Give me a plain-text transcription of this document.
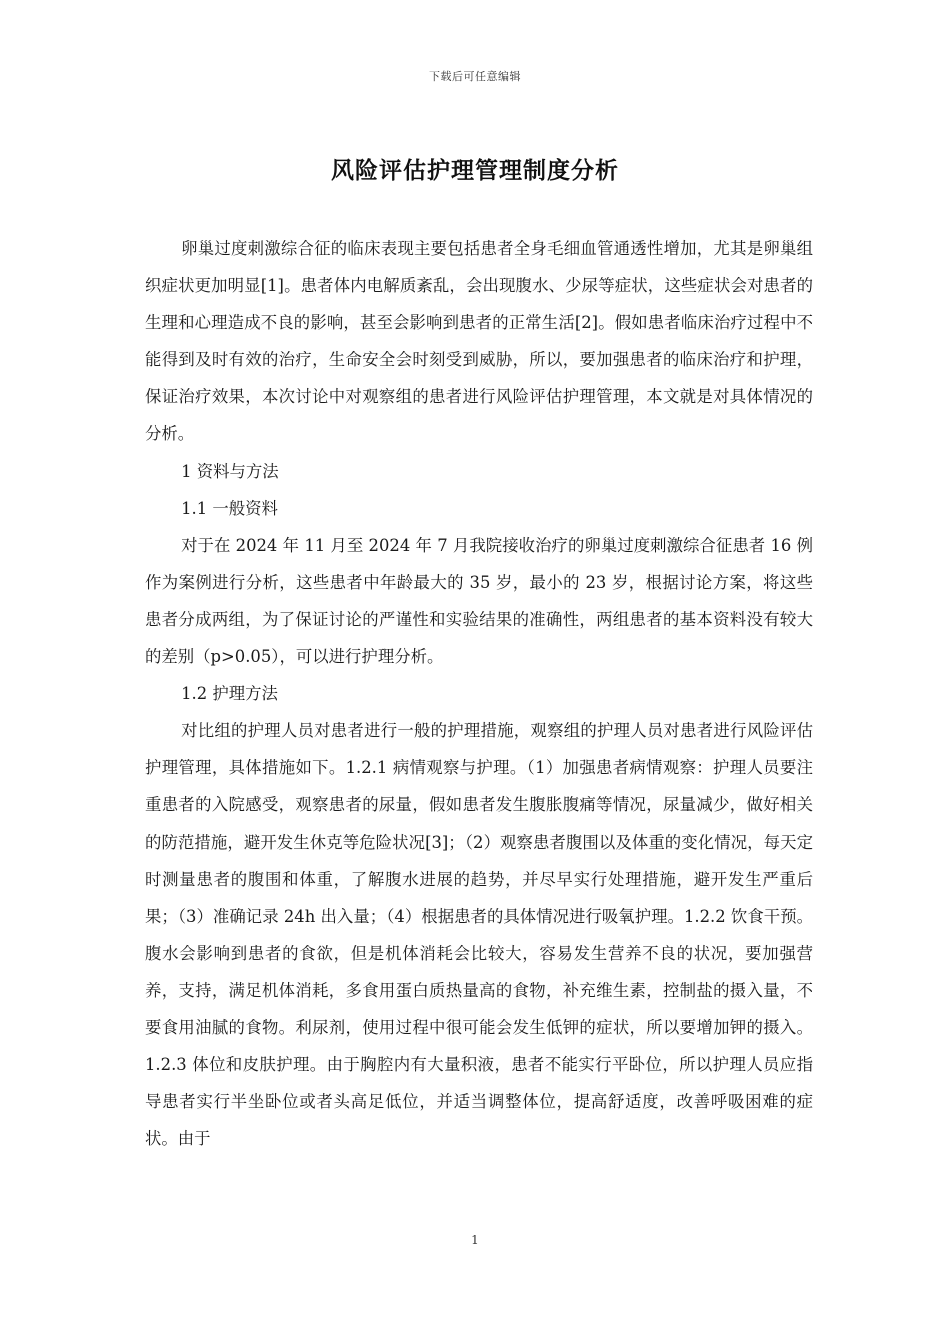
下载后可任意编辑
风险评估护理管理制度分析

卵巢过度刺激综合征的临床表现主要包括患者全身毛细血管通透性增加，尤其是卵巢组织症状更加明显[1]。患者体内电解质紊乱，会出现腹水、少尿等症状，这些症状会对患者的生理和心理造成不良的影响，甚至会影响到患者的正常生活[2]。假如患者临床治疗过程中不能得到及时有效的治疗，生命安全会时刻受到威胁，所以，要加强患者的临床治疗和护理，保证治疗效果，本次讨论中对观察组的患者进行风险评估护理管理，本文就是对具体情况的分析。

1 资料与方法

1.1 一般资料

对于在 2024 年 11 月至 2024 年 7 月我院接收治疗的卵巢过度刺激综合征患者 16 例作为案例进行分析，这些患者中年龄最大的 35 岁，最小的 23 岁，根据讨论方案，将这些患者分成两组，为了保证讨论的严谨性和实验结果的准确性，两组患者的基本资料没有较大的差别（p>0.05），可以进行护理分析。

1.2 护理方法

对比组的护理人员对患者进行一般的护理措施，观察组的护理人员对患者进行风险评估护理管理，具体措施如下。1.2.1 病情观察与护理。（1）加强患者病情观察：护理人员要注重患者的入院感受，观察患者的尿量，假如患者发生腹胀腹痛等情况，尿量减少，做好相关的防范措施，避开发生休克等危险状况[3]；（2）观察患者腹围以及体重的变化情况，每天定时测量患者的腹围和体重，了解腹水进展的趋势，并尽早实行处理措施，避开发生严重后果；（3）准确记录 24h 出入量；（4）根据患者的具体情况进行吸氧护理。1.2.2 饮食干预。腹水会影响到患者的食欲，但是机体消耗会比较大，容易发生营养不良的状况，要加强营养，支持，满足机体消耗，多食用蛋白质热量高的食物，补充维生素，控制盐的摄入量，不要食用油腻的食物。利尿剂，使用过程中很可能会发生低钾的症状，所以要增加钾的摄入。1.2.3 体位和皮肤护理。由于胸腔内有大量积液，患者不能实行平卧位，所以护理人员应指导患者实行半坐卧位或者头高足低位，并适当调整体位，提高舒适度，改善呼吸困难的症状。由于

1
